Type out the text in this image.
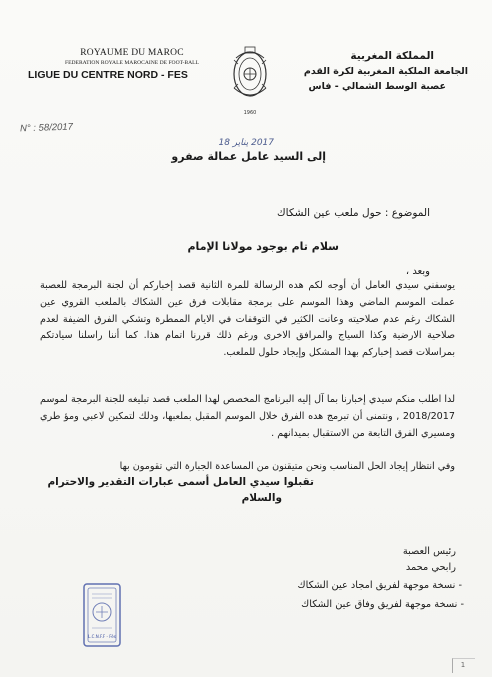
ROYAUME DU MAROC
FEDERATION ROYALE MAROCAINE DE FOOT-BALL
LIGUE DU CENTRE NORD - FES
1960
المملكة المغربية
الجامعة الملكية المغربية لكرة القدم
عصبة الوسط الشمالي - فاس
N° : 58/2017
2017 يناير 18
إلى السيد عامل عمالة صفرو
الموضوع : حول ملعب عين الشكاك
سلام تام بوجود مولانا الإمام
وبعد ،
يوسفني سيدي العامل أن أوجه لكم هده الرسالة للمرة الثانية قصد إخباركم أن لجنة البرمجة للعصبة عملت الموسم الماضي وهذا الموسم على برمجة مقابلات فرق عين الشكاك بالملعب القروي عين الشكاك رغم عدم صلاحيته وعانت الكثير في التوقفات في الايام الممطرة وتشكي الفرق الضيفة لعدم صلاحية الارضية وكذا السياج والمرافق الاخرى ورغم ذلك قررنا اتمام هذا. كما أننا راسلنا سيادتكم بمراسلات قصد إخباركم بهدا المشكل وإيجاد حلول للملعب.
لدا اطلب منكم سيدي إخبارنا بما آل إليه البرنامج المخصص لهدا الملعب قصد تبليغه للجنة البرمجة لموسم 2018/2017 , ونتمنى أن تبرمج هده الفرق خلال الموسم المقبل بملعبها، ودلك لتمكين لاعبي ومؤ طري ومسيري الفرق التابعة من الاستقبال بميدانهم .
وفي انتظار إيجاد الحل المناسب ونحن متيقنون من المساعدة الجبارة التي تقومون بها
تقبلوا سيدي العامل أسمى عبارات التقدير والاحترام
والسلام
رئيس العصبة
رابحي محمد
- نسخة موجهة لفريق امجاد عين الشكاك
- نسخة موجهة لفريق وفاق عين الشكاك
L.C.N.F.F - Fès
1
